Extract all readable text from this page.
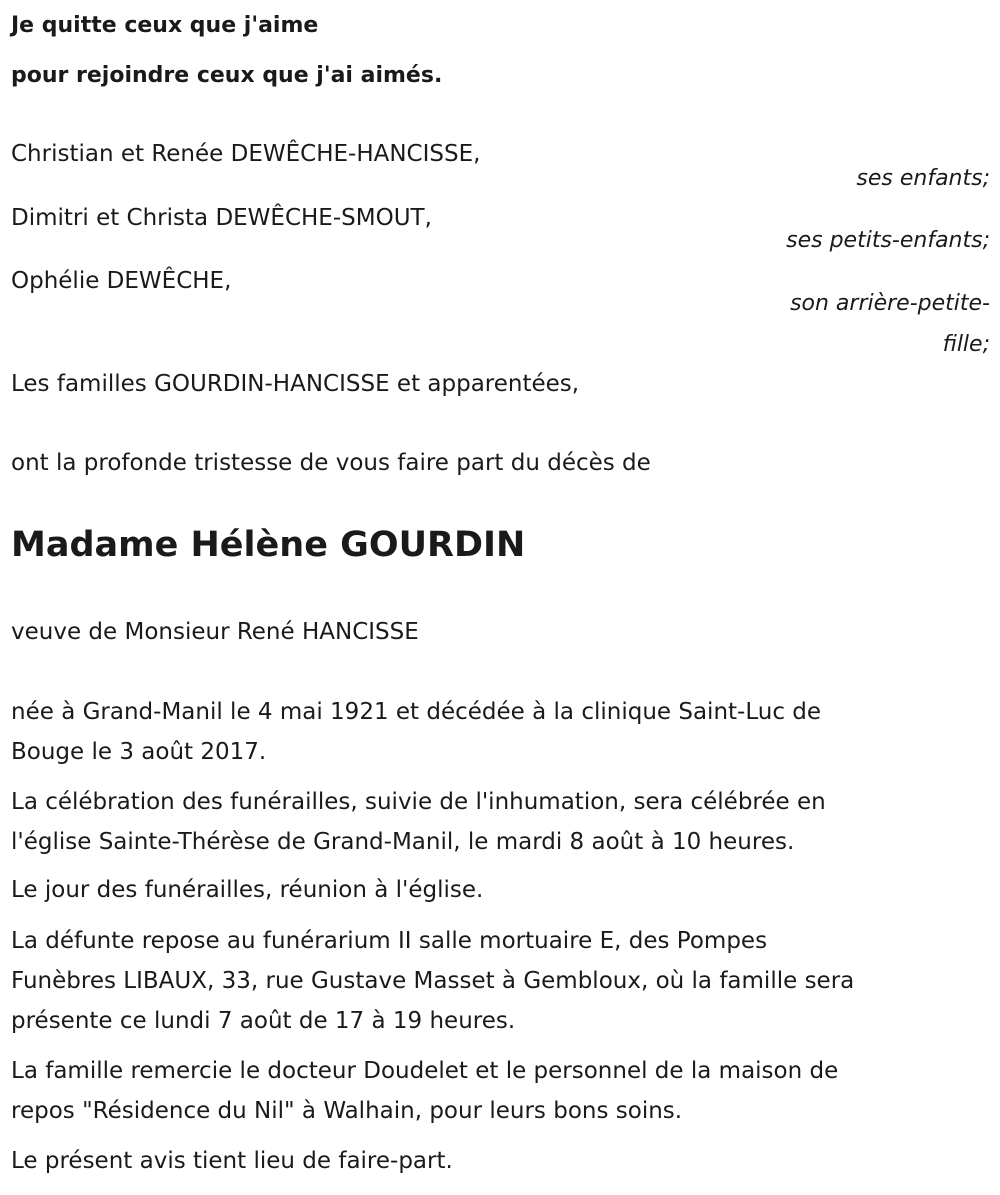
Je quitte ceux que j'aime

pour rejoindre ceux que j'ai aimés.

Christian et Renée DEWÊCHE-HANCISSE,

ses enfants;

Dimitri et Christa DEWÊCHE-SMOUT,

ses petits-enfants;

Ophélie DEWÊCHE,

son arrière-petite-

fille;

Les familles GOURDIN-HANCISSE et apparentées,

ont la profonde tristesse de vous faire part du décès de

Madame Hélène GOURDIN

veuve de Monsieur René HANCISSE

née à Grand-Manil le 4 mai 1921 et décédée à la clinique Saint-Luc de
Bouge le 3 août 2017.
La célébration des funérailles, suivie de l'inhumation, sera célébrée en
l'église Sainte-Thérèse de Grand-Manil, le mardi 8 août à 10 heures.
Le jour des funérailles, réunion à l'église.
La défunte repose au funérarium II salle mortuaire E, des Pompes
Funèbres LIBAUX, 33, rue Gustave Masset à Gembloux, où la famille sera
présente ce lundi 7 août de 17 à 19 heures.
La famille remercie le docteur Doudelet et le personnel de la maison de
repos "Résidence du Nil" à Walhain, pour leurs bons soins.
Le présent avis tient lieu de faire-part.
